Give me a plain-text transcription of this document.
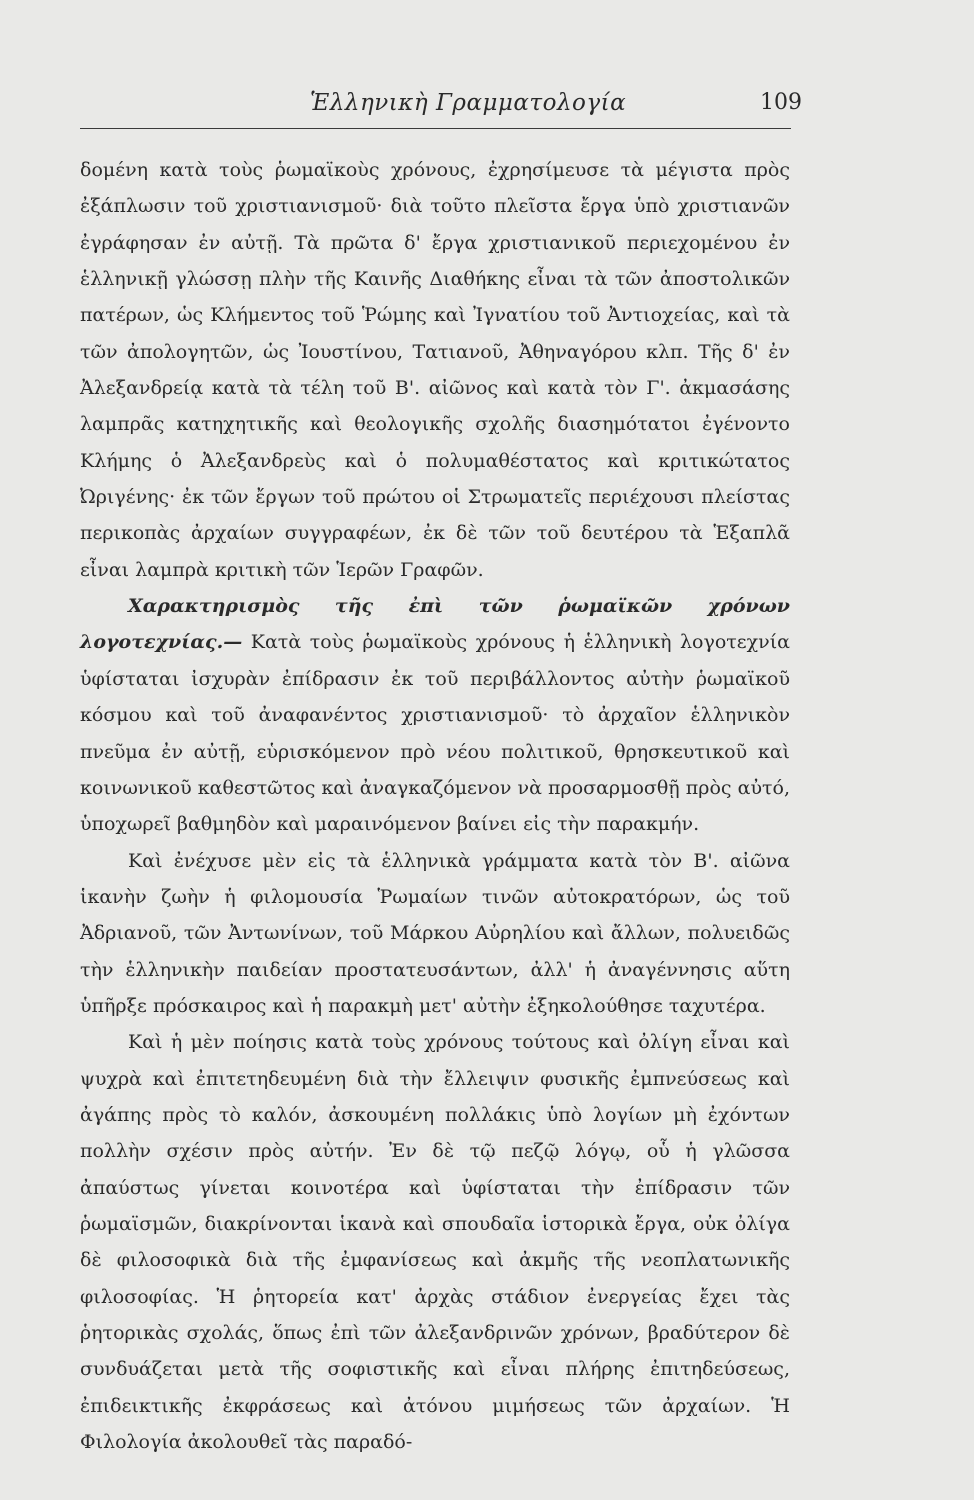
Ἑλληνικὴ Γραμματολογία	109

δομένη κατὰ τοὺς ῥωμαϊκοὺς χρόνους, ἐχρησίμευσε τὰ μέγιστα πρὸς ἐξάπλωσιν τοῦ χριστιανισμοῦ· διὰ τοῦτο πλεῖστα ἔργα ὑπὸ χριστιανῶν ἐγράφησαν ἐν αὐτῇ. Τὰ πρῶτα δ' ἔργα χριστιανικοῦ περιεχομένου ἐν ἑλληνικῇ γλώσσῃ πλὴν τῆς Καινῆς Διαθήκης εἶναι τὰ τῶν ἀποστολικῶν πατέρων, ὡς Κλήμεντος τοῦ Ῥώμης καὶ Ἰγνατίου τοῦ Ἀντιοχείας, καὶ τὰ τῶν ἀπολογητῶν, ὡς Ἰουστίνου, Τατιανοῦ, Ἀθηναγόρου κλπ. Τῆς δ' ἐν Ἀλεξανδρείᾳ κατὰ τὰ τέλη τοῦ Β'. αἰῶνος καὶ κατὰ τὸν Γ'. ἀκμασάσης λαμπρᾶς κατηχητικῆς καὶ θεολογικῆς σχολῆς διασημότατοι ἐγένοντο Κλήμης ὁ Ἀλεξανδρεὺς καὶ ὁ πολυμαθέστατος καὶ κριτικώτατος Ὠριγένης· ἐκ τῶν ἔργων τοῦ πρώτου οἱ Στρωματεῖς περιέχουσι πλείστας περικοπὰς ἀρχαίων συγγραφέων, ἐκ δὲ τῶν τοῦ δευτέρου τὰ Ἑξαπλᾶ εἶναι λαμπρὰ κριτικὴ τῶν Ἱερῶν Γραφῶν.

Χαρακτηρισμὸς τῆς ἐπὶ τῶν ῥωμαϊκῶν χρόνων λογοτεχνίας.— Κατὰ τοὺς ῥωμαϊκοὺς χρόνους ἡ ἑλληνικὴ λογοτεχνία ὑφίσταται ἰσχυρὰν ἐπίδρασιν ἐκ τοῦ περιβάλλοντος αὐτὴν ῥωμαϊκοῦ κόσμου καὶ τοῦ ἀναφανέντος χριστιανισμοῦ· τὸ ἀρχαῖον ἑλληνικὸν πνεῦμα ἐν αὐτῇ, εὑρισκόμενον πρὸ νέου πολιτικοῦ, θρησκευτικοῦ καὶ κοινωνικοῦ καθεστῶτος καὶ ἀναγκαζόμενον νὰ προσαρμοσθῇ πρὸς αὐτό, ὑποχωρεῖ βαθμηδὸν καὶ μαραινόμενον βαίνει εἰς τὴν παρακμήν.

Καὶ ἐνέχυσε μὲν εἰς τὰ ἑλληνικὰ γράμματα κατὰ τὸν Β'. αἰῶνα ἱκανὴν ζωὴν ἡ φιλομουσία Ῥωμαίων τινῶν αὐτοκρατόρων, ὡς τοῦ Ἀδριανοῦ, τῶν Ἀντωνίνων, τοῦ Μάρκου Αὐρηλίου καὶ ἄλλων, πολυειδῶς τὴν ἑλληνικὴν παιδείαν προστατευσάντων, ἀλλ' ἡ ἀναγέννησις αὕτη ὑπῆρξε πρόσκαιρος καὶ ἡ παρακμὴ μετ' αὐτὴν ἐξηκολούθησε ταχυτέρα.

Καὶ ἡ μὲν ποίησις κατὰ τοὺς χρόνους τούτους καὶ ὀλίγη εἶναι καὶ ψυχρὰ καὶ ἐπιτετηδευμένη διὰ τὴν ἔλλειψιν φυσικῆς ἐμπνεύσεως καὶ ἀγάπης πρὸς τὸ καλόν, ἀσκουμένη πολλάκις ὑπὸ λογίων μὴ ἐχόντων πολλὴν σχέσιν πρὸς αὐτήν. Ἐν δὲ τῷ πεζῷ λόγῳ, οὗ ἡ γλῶσσα ἀπαύστως γίνεται κοινοτέρα καὶ ὑφίσταται τὴν ἐπίδρασιν τῶν ῥωμαϊσμῶν, διακρίνονται ἱκανὰ καὶ σπουδαῖα ἱστορικὰ ἔργα, οὐκ ὀλίγα δὲ φιλοσοφικὰ διὰ τῆς ἐμφανίσεως καὶ ἀκμῆς τῆς νεοπλατωνικῆς φιλοσοφίας. Ἡ ῥητορεία κατ' ἀρχὰς στάδιον ἐνεργείας ἔχει τὰς ῥητορικὰς σχολάς, ὅπως ἐπὶ τῶν ἀλεξανδρινῶν χρόνων, βραδύτερον δὲ συνδυάζεται μετὰ τῆς σοφιστικῆς καὶ εἶναι πλήρης ἐπιτηδεύσεως, ἐπιδεικτικῆς ἐκφράσεως καὶ ἀτόνου μιμήσεως τῶν ἀρχαίων. Ἡ Φιλολογία ἀκολουθεῖ τὰς παραδό-
